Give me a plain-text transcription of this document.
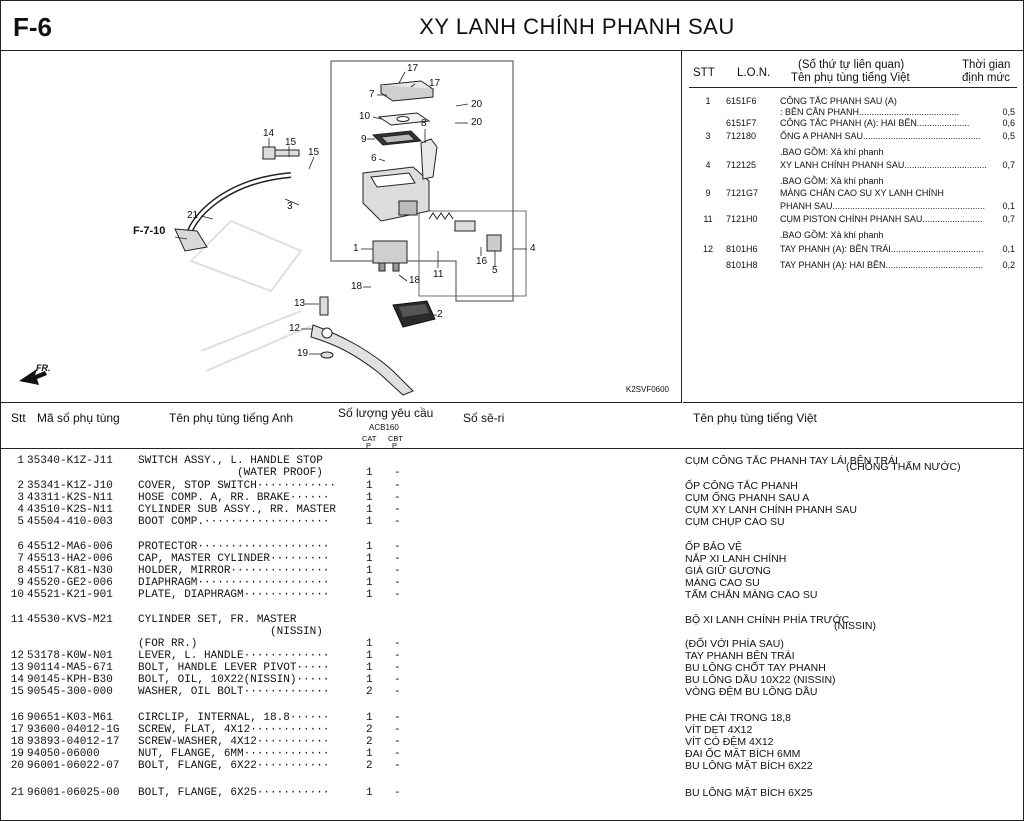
F-6	XY LANH CHÍNH PHANH SAU
17
17
7
20
10
20
8
9
14
15
15
6
3
21
1
18
18
11
16
5
4
13
2
12
19
F-7-10
FR.
K2SVF0600
STT L.O.N.
(Số thứ tự liên quan)
Tên phụ tùng tiếng Việt
Thời gian
định mức
1	6151F6	CÔNG TẮC PHANH SAU (A)
: BÊN CẦN PHANH........................................	0,5
6151F7	CÔNG TẮC PHANH (A): HAI BÊN.....................	0,6
3	712180	ỐNG A PHANH SAU............................................... 0,5
.BAO GỒM: Xả khí phanh
4	712125	XY LANH CHÍNH PHANH SAU................................. 0,7
.BAO GỒM: Xả khí phanh
9	7121G7 MÀNG CHẮN CAO SU XY LANH CHÍNH
PHANH SAU............................................................. 0,1
11 7121H0 CỤM PISTON CHÍNH PHANH SAU........................ 0,7
.BAO GỒM: Xả khí phanh
12 8101H6 TAY PHANH (A): BÊN TRÁI..................................... 0,1
8101H8 TAY PHANH (A): HAI BÊN....................................... 0,2
Stt Mã số phụ tùng	Tên phụ tùng tiếng Anh	Số lượng yêu cầu
ACB160
CAT CBT
P	P
Số sê-ri	Tên phụ tùng tiếng Việt
1 35340-K1Z-J11 SWITCH ASSY., L. HANDLE STOP	CỤM CÔNG TẮC PHANH TAY LÁI BÊN TRÁI
(WATER PROOF)	1 -	(CHỐNG THẤM NƯỚC)
2 35341-K1Z-J10 COVER, STOP SWITCH············	1 -	ỐP CÔNG TẮC PHANH
3 43311-K2S-N11 HOSE COMP. A, RR. BRAKE······	1 -	CỤM ỐNG PHANH SAU A
4 43510-K2S-N11 CYLINDER SUB ASSY., RR. MASTER	1 -	CỤM XY LANH CHÍNH PHANH SAU
5 45504-410-003 BOOT COMP.···················	1 -	CỤM CHỤP CAO SU
6 45512-MA6-006 PROTECTOR····················	1 -	ỐP BẢO VỆ
7 45513-HA2-006 CAP, MASTER CYLINDER·········	1 -	NẮP XI LANH CHÍNH
8 45517-K81-N30 HOLDER, MIRROR···············	1 -	GIÁ GIỮ GƯƠNG
9 45520-GE2-006 DIAPHRAGM····················	1 -	MÀNG CAO SU
10 45521-K21-901 PLATE, DIAPHRAGM·············	1 -	TẤM CHẮN MÀNG CAO SU
11 45530-KVS-M21 CYLINDER SET, FR. MASTER	BỘ XI LANH CHÍNH PHÍA TRƯỚC
(NISSIN)	(NISSIN)
(FOR RR.)	1 -	(ĐỐI VỚI PHÍA SAU)
12 53178-K0W-N01 LEVER, L. HANDLE·············	1 -	TAY PHANH BÊN TRÁI
13 90114-MA5-671 BOLT, HANDLE LEVER PIVOT·····	1 -	BU LÔNG CHỐT TAY PHANH
14 90145-KPH-B30 BOLT, OIL, 10X22(NISSIN)·····	1 -	BU LÔNG DẦU 10X22 (NISSIN)
15 90545-300-000 WASHER, OIL BOLT·············	2 -	VÒNG ĐỆM BU LÔNG DẦU
16 90651-K03-M61 CIRCLIP, INTERNAL, 18.8······	1 -	PHE CÀI TRONG 18,8
17 93600-04012-1G SCREW, FLAT, 4X12············	2 -	VÍT DẸT 4X12
18 93893-04012-17 SCREW-WASHER, 4X12···········	2 -	VÍT CÓ ĐỆM 4X12
19 94050-06000	NUT, FLANGE, 6MM·············	1 -	ĐAI ỐC MẶT BÍCH 6MM
20 96001-06022-07 BOLT, FLANGE, 6X22···········	2 -	BU LÔNG MẶT BÍCH 6X22
21 96001-06025-00 BOLT, FLANGE, 6X25···········	1 -	BU LÔNG MẶT BÍCH 6X25
